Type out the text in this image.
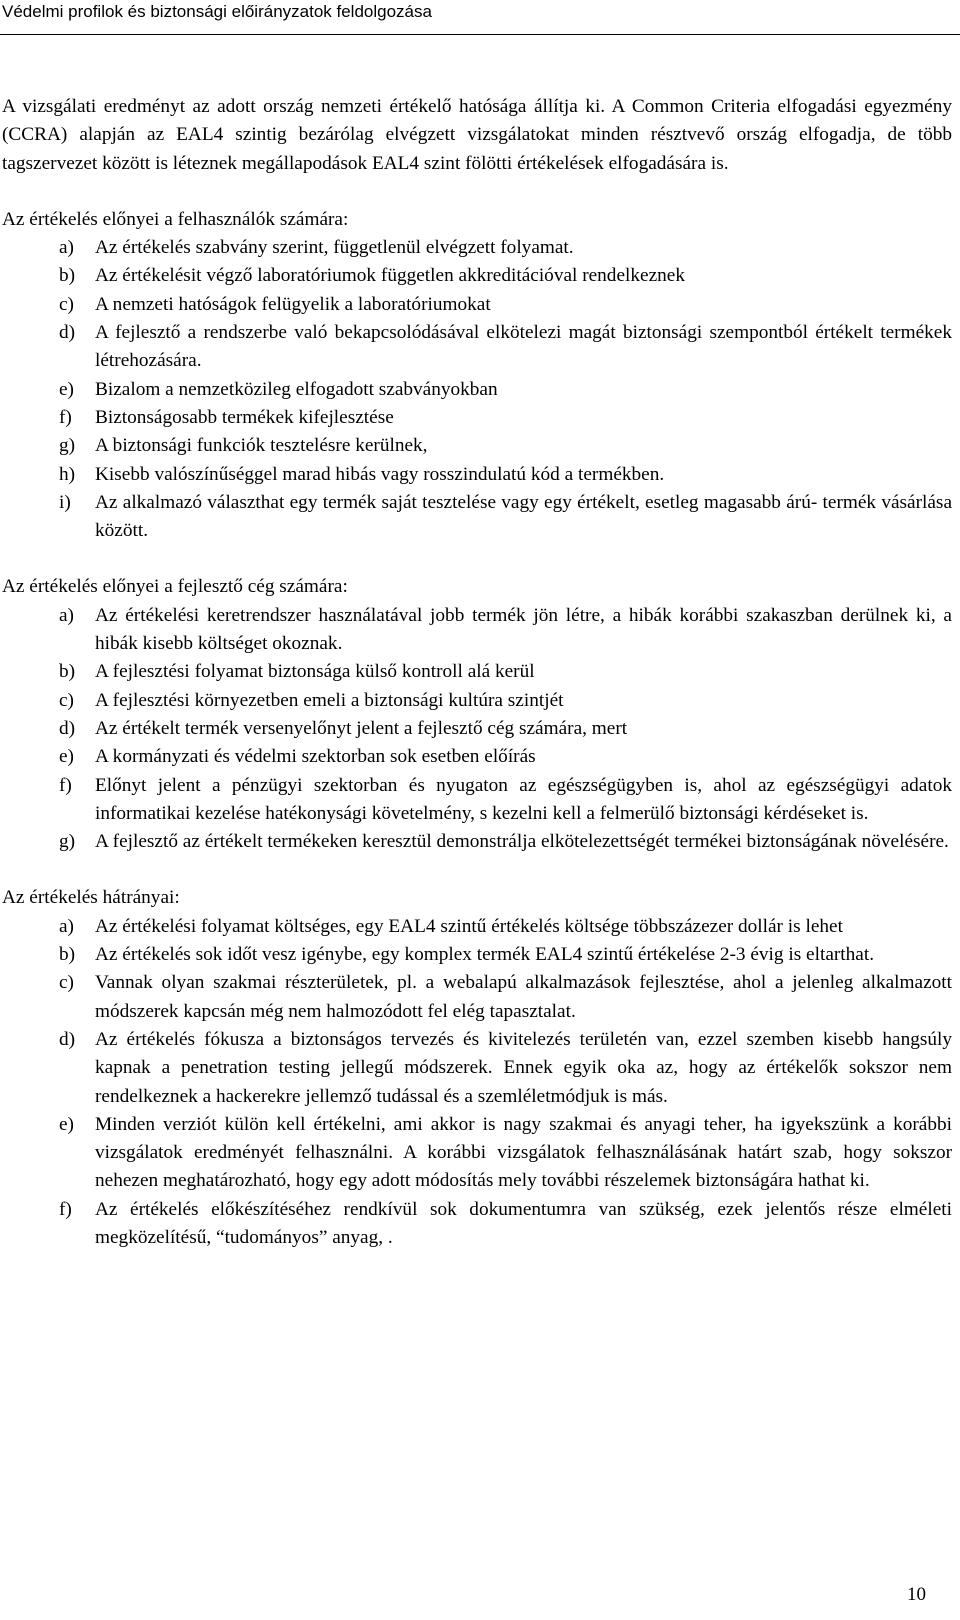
Védelmi profilok és biztonsági előirányzatok feldolgozása

A vizsgálati eredményt az adott ország nemzeti értékelő hatósága állítja ki. A Common Criteria elfogadási egyezmény (CCRA) alapján az EAL4 szintig bezárólag elvégzett vizsgálatokat minden résztvevő ország elfogadja, de több tagszervezet között is léteznek megállapodások EAL4 szint fölötti értékelések elfogadására is.

Az értékelés előnyei a felhasználók számára:

a) Az értékelés szabvány szerint, függetlenül elvégzett folyamat.
b) Az értékelésit végző laboratóriumok független akkreditációval rendelkeznek
c) A nemzeti hatóságok felügyelik a laboratóriumokat
d) A fejlesztő a rendszerbe való bekapcsolódásával elkötelezi magát biztonsági szempontból értékelt termékek létrehozására.
e) Bizalom a nemzetközileg elfogadott szabványokban
f) Biztonságosabb termékek kifejlesztése
g) A biztonsági funkciók tesztelésre kerülnek,
h) Kisebb valószínűséggel marad hibás vagy rosszindulatú kód a termékben.
i) Az alkalmazó választhat egy termék saját tesztelése vagy egy értékelt, esetleg magasabb árú- termék vásárlása között.

Az értékelés előnyei a fejlesztő cég számára:

a) Az értékelési keretrendszer használatával jobb termék jön létre, a hibák korábbi szakaszban derülnek ki, a hibák kisebb költséget okoznak.
b) A fejlesztési folyamat biztonsága külső kontroll alá kerül
c) A fejlesztési környezetben emeli a biztonsági kultúra szintjét
d) Az értékelt termék versenyelőnyt jelent a fejlesztő cég számára, mert
e) A kormányzati és védelmi szektorban sok esetben előírás
f) Előnyt jelent a pénzügyi szektorban és nyugaton az egészségügyben is, ahol az egészségügyi adatok informatikai kezelése hatékonysági követelmény, s kezelni kell a felmerülő biztonsági kérdéseket is.
g) A fejlesztő az értékelt termékeken keresztül demonstrálja elkötelezettségét termékei biztonságának növelésére.

Az értékelés hátrányai:

a) Az értékelési folyamat költséges, egy EAL4 szintű értékelés költsége többszázezer dollár is lehet
b) Az értékelés sok időt vesz igénybe, egy komplex termék EAL4 szintű értékelése 2-3 évig is eltarthat.
c) Vannak olyan szakmai részterületek, pl. a webalapú alkalmazások fejlesztése, ahol a jelenleg alkalmazott módszerek kapcsán még nem halmozódott fel elég tapasztalat.
d) Az értékelés fókusza a biztonságos tervezés és kivitelezés területén van, ezzel szemben kisebb hangsúly kapnak a penetration testing jellegű módszerek. Ennek egyik oka az, hogy az értékelők sokszor nem rendelkeznek a hackerekre jellemző tudással és a szemléletmódjuk is más.
e) Minden verziót külön kell értékelni, ami akkor is nagy szakmai és anyagi teher, ha igyekszünk a korábbi vizsgálatok eredményét felhasználni. A korábbi vizsgálatok felhasználásának határt szab, hogy sokszor nehezen meghatározható, hogy egy adott módosítás mely további részelemek biztonságára hathat ki.
f) Az értékelés előkészítéséhez rendkívül sok dokumentumra van szükség, ezek jelentős része elméleti megközelítésű, “tudományos” anyag, .
10
